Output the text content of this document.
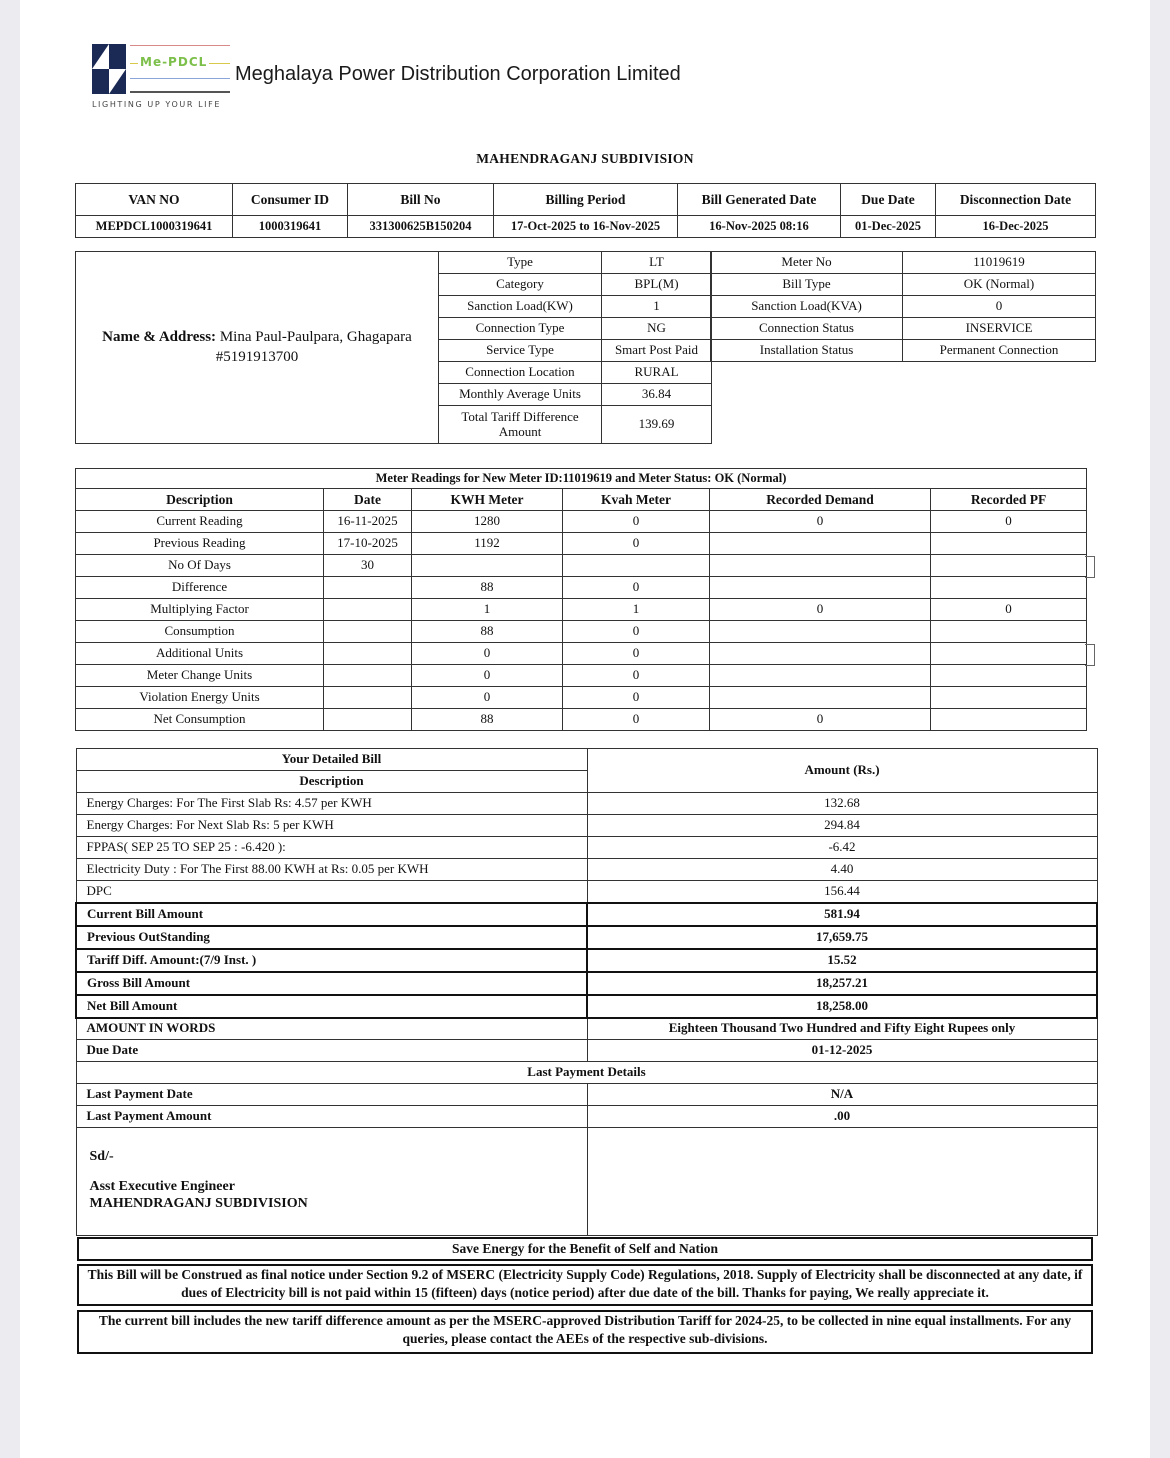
Me-PDCL
LIGHTING UP YOUR LIFE
Meghalaya Power Distribution Corporation Limited
MAHENDRAGANJ SUBDIVISION
VAN NO	Consumer ID	Bill No	Billing Period	Bill Generated Date	Due Date	Disconnection Date
MEPDCL1000319641	1000319641	331300625B150204	17-Oct-2025 to 16-Nov-2025	16-Nov-2025 08:16	01-Dec-2025	16-Dec-2025
Name & Address: Mina Paul-Paulpara, Ghagapara
#5191913700
Type	LT
Category	BPL(M)
Sanction Load(KW)	1
Connection Type	NG
Service Type	Smart Post Paid
Connection Location	RURAL
Monthly Average Units	36.84
Total Tariff Difference Amount	139.69
Meter No	11019619
Bill Type	OK (Normal)
Sanction Load(KVA)	0
Connection Status	INSERVICE
Installation Status	Permanent Connection
Meter Readings for New Meter ID:11019619 and Meter Status: OK (Normal)					
Description	Date	KWH Meter	Kvah Meter	Recorded Demand	Recorded PF
Current Reading	16-11-2025	1280	0	0	0
Previous Reading	17-10-2025	1192	0		
No Of Days	30				
Difference		88	0		
Multiplying Factor		1	1	0	0
Consumption		88	0		
Additional Units		0	0		
Meter Change Units		0	0		
Violation Energy Units		0	0		
Net Consumption		88	0	0	
Your Detailed Bill	Amount (Rs.)
Description	
Energy Charges: For The First Slab Rs: 4.57 per KWH	132.68
Energy Charges: For Next Slab Rs: 5 per KWH	294.84
FPPAS( SEP 25 TO SEP 25 : -6.420 ):	-6.42
Electricity Duty : For The First 88.00 KWH at Rs: 0.05 per KWH	4.40
DPC	156.44
Current Bill Amount	581.94
Previous OutStanding	17,659.75
Tariff Diff. Amount:(7/9 Inst. )	15.52
Gross Bill Amount	18,257.21
Net Bill Amount	18,258.00
AMOUNT IN WORDS	Eighteen Thousand Two Hundred and Fifty Eight Rupees only
Due Date	01-12-2025
Last Payment Details	
Last Payment Date	N/A
Last Payment Amount	.00

Sd/-
Asst Executive Engineer
MAHENDRAGANJ SUBDIVISION	

Save Energy for the Benefit of Self and Nation
This Bill will be Construed as final notice under Section 9.2 of MSERC (Electricity Supply Code) Regulations, 2018. Supply of Electricity shall be disconnected at any date, if dues of Electricity bill is not paid within 15 (fifteen) days (notice period) after due date of the bill. Thanks for paying, We really appreciate it.
The current bill includes the new tariff difference amount as per the MSERC-approved Distribution Tariff for 2024-25, to be collected in nine equal installments. For any queries, please contact the AEEs of the respective sub-divisions.
